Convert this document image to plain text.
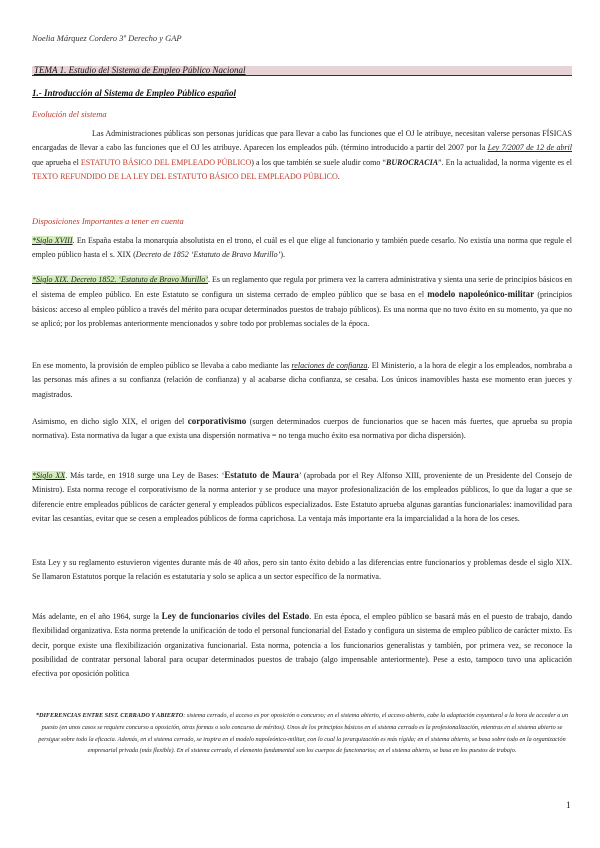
Noelia Márquez Cordero 3º Derecho y GAP
TEMA 1. Estudio del Sistema de Empleo Público Nacional
1.- Introducción al Sistema de Empleo Público español
Evolución del sistema

Las Administraciones públicas son personas jurídicas que para llevar a cabo las funciones que el OJ le atribuye, necesitan valerse personas FÍSICAS encargadas de llevar a cabo las funciones que el OJ les atribuye. Aparecen los empleados púb. (término introducido a partir del 2007 por la Ley 7/2007 de 12 de abril que aprueba el ESTATUTO BÁSICO DEL EMPLEADO PÚBLICO) a los que también se suele aludir como “BUROCRACIA”. En la actualidad, la norma vigente es el TEXTO REFUNDIDO DE LA LEY DEL ESTATUTO BÁSICO DEL EMPLEADO PÚBLICO.

Disposiciones Importantes a tener en cuenta

*Siglo XVIII. En España estaba la monarquía absolutista en el trono, el cuál es el que elige al funcionario y también puede cesarlo. No existía una norma que regule el empleo público hasta el s. XIX (Decreto de 1852 ‘Estatuto de Bravo Murillo’).

*Siglo XIX. Decreto 1852. ‘Estatuto de Bravo Murillo’. Es un reglamento que regula por primera vez la carrera administrativa y sienta una serie de principios básicos en el sistema de empleo público. En este Estatuto se configura un sistema cerrado de empleo público que se basa en el modelo napoleónico-militar (principios básicos: acceso al empleo público a través del mérito para ocupar determinados puestos de trabajo públicos). Es una norma que no tuvo éxito en su momento, ya que no se aplicó; por los problemas anteriormente mencionados y sobre todo por problemas sociales de la época.

En ese momento, la provisión de empleo público se llevaba a cabo mediante las relaciones de confianza. El Ministerio, a la hora de elegir a los empleados, nombraba a las personas más afines a su confianza (relación de confianza) y al acabarse dicha confianza, se cesaba. Los únicos inamovibles hasta ese momento eran jueces y magistrados.

Asimismo, en dicho siglo XIX, el origen del corporativismo (surgen determinados cuerpos de funcionarios que se hacen más fuertes, que aprueba su propia normativa). Esta normativa da lugar a que exista una dispersión normativa = no tenga mucho éxito esa normativa por dicha dispersión).

*Siglo XX. Más tarde, en 1918 surge una Ley de Bases: ‘Estatuto de Maura’ (aprobada por el Rey Alfonso XIII, proveniente de un Presidente del Consejo de Ministro). Esta norma recoge el corporativismo de la norma anterior y se produce una mayor profesionalización de los empleados públicos, lo que da lugar a que se diferencie entre empleados públicos de carácter general y empleados públicos especializados. Este Estatuto aprueba algunas garantías funcionariales: inamovilidad para evitar las cesantías, evitar que se cesen a empleados públicos de forma caprichosa. La ventaja más importante era la imparcialidad a la hora de los ceses.

Esta Ley y su reglamento estuvieron vigentes durante más de 40 años, pero sin tanto éxito debido a las diferencias entre funcionarios y problemas desde el siglo XIX. Se llamaron Estatutos porque la relación es estatutaria y solo se aplica a un sector específico de la normativa.

Más adelante, en el año 1964, surge la Ley de funcionarios civiles del Estado. En esta época, el empleo público se basará más en el puesto de trabajo, dando flexibilidad organizativa. Esta norma pretende la unificación de todo el personal funcionarial del Estado y configura un sistema de empleo público de carácter mixto. Es decir, porque existe una flexibilización organizativa funcionarial. Esta norma, potencia a los funcionarios generalistas y también, por primera vez, se reconoce la posibilidad de contratar personal laboral para ocupar determinados puestos de trabajo (algo impensable anteriormente). Pese a esto, tampoco tuvo una aplicación efectiva por oposición política

*DIFERENCIAS ENTRE SIST. CERRADO Y ABIERTO: sistema cerrado, el acceso es por oposición o concurso; en el sistema abierto, el acceso abierto, cabe la adaptación coyuntural a la hora de acceder a un puesto (en unos casos se requiere concurso u oposición, otras formas o solo concurso de méritos). Unos de los principios básicos en el sistema cerrado es la profesionalización, mientras en el sistema abierto se persigue sobre todo la eficacia. Además, en el sistema cerrado, se inspira en el modelo napoleónico-militar, con lo cual la jerarquización es más rígida; en el sistema abierto, se basa sobre todo en la organización empresarial privada (más flexible). En el sistema cerrado, el elemento fundamental son los cuerpos de funcionarios; en el sistema abierto, se basa en los puestos de trabajo.

1
